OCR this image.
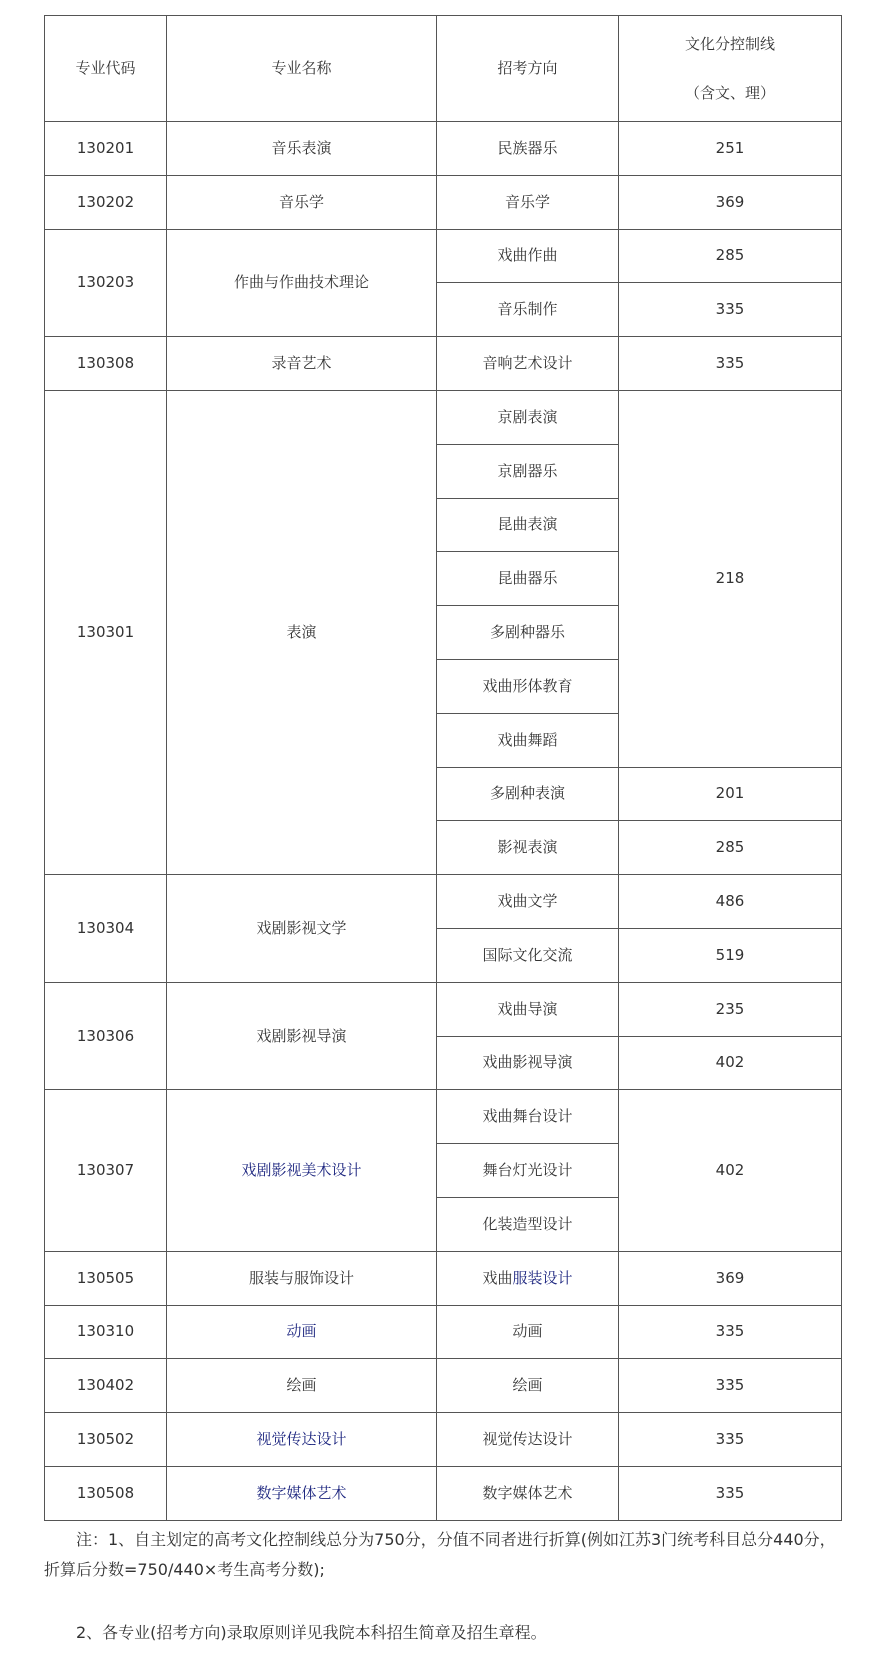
专业代码	专业名称	招考方向	文化分控制线
（含文、理）

130201	音乐表演	民族器乐	251
130202	音乐学	音乐学	369
130203	作曲与作曲技术理论	戏曲作曲	285
		音乐制作	335
130308	录音艺术	音响艺术设计	335
130301	表演	京剧表演	218
		京剧器乐	
		昆曲表演	
		昆曲器乐	
		多剧种器乐	
		戏曲形体教育	
		戏曲舞蹈	
		多剧种表演	201
		影视表演	285
130304	戏剧影视文学	戏曲文学	486
		国际文化交流	519
130306	戏剧影视导演	戏曲导演	235
		戏曲影视导演	402
130307	戏剧影视美术设计	戏曲舞台设计	402
		舞台灯光设计	
		化装造型设计	
130505	服装与服饰设计	戏曲服装设计	369
130310	动画	动画	335
130402	绘画	绘画	335
130502	视觉传达设计	视觉传达设计	335
130508	数字媒体艺术	数字媒体艺术	335

注：1、自主划定的高考文化控制线总分为750分，分值不同者进行折算(例如江苏3门统考科目总分440分，折算后分数=750/440×考生高考分数);

2、各专业(招考方向)录取原则详见我院本科招生简章及招生章程。
